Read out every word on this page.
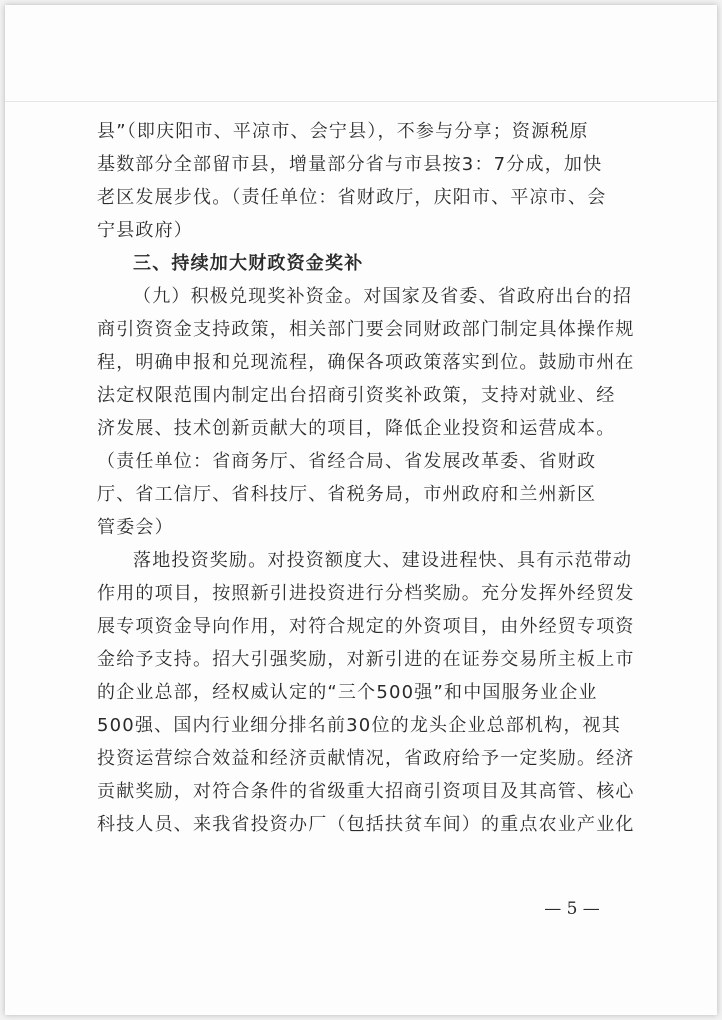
县”（即庆阳市、平凉市、会宁县），不参与分享；资源税原
基数部分全部留市县，增量部分省与市县按3：7分成，加快
老区发展步伐。（责任单位：省财政厅，庆阳市、平凉市、会
宁县政府）
三、持续加大财政资金奖补
（九）积极兑现奖补资金。对国家及省委、省政府出台的招
商引资资金支持政策，相关部门要会同财政部门制定具体操作规
程，明确申报和兑现流程，确保各项政策落实到位。鼓励市州在
法定权限范围内制定出台招商引资奖补政策，支持对就业、经
济发展、技术创新贡献大的项目，降低企业投资和运营成本。
（责任单位：省商务厅、省经合局、省发展改革委、省财政
厅、省工信厅、省科技厅、省税务局，市州政府和兰州新区
管委会）
落地投资奖励。对投资额度大、建设进程快、具有示范带动
作用的项目，按照新引进投资进行分档奖励。充分发挥外经贸发
展专项资金导向作用，对符合规定的外资项目，由外经贸专项资
金给予支持。招大引强奖励，对新引进的在证券交易所主板上市
的企业总部，经权威认定的“三个500强”和中国服务业企业
500强、国内行业细分排名前30位的龙头企业总部机构，视其
投资运营综合效益和经济贡献情况，省政府给予一定奖励。经济
贡献奖励，对符合条件的省级重大招商引资项目及其高管、核心
科技人员、来我省投资办厂（包括扶贫车间）的重点农业产业化
— 5 —
